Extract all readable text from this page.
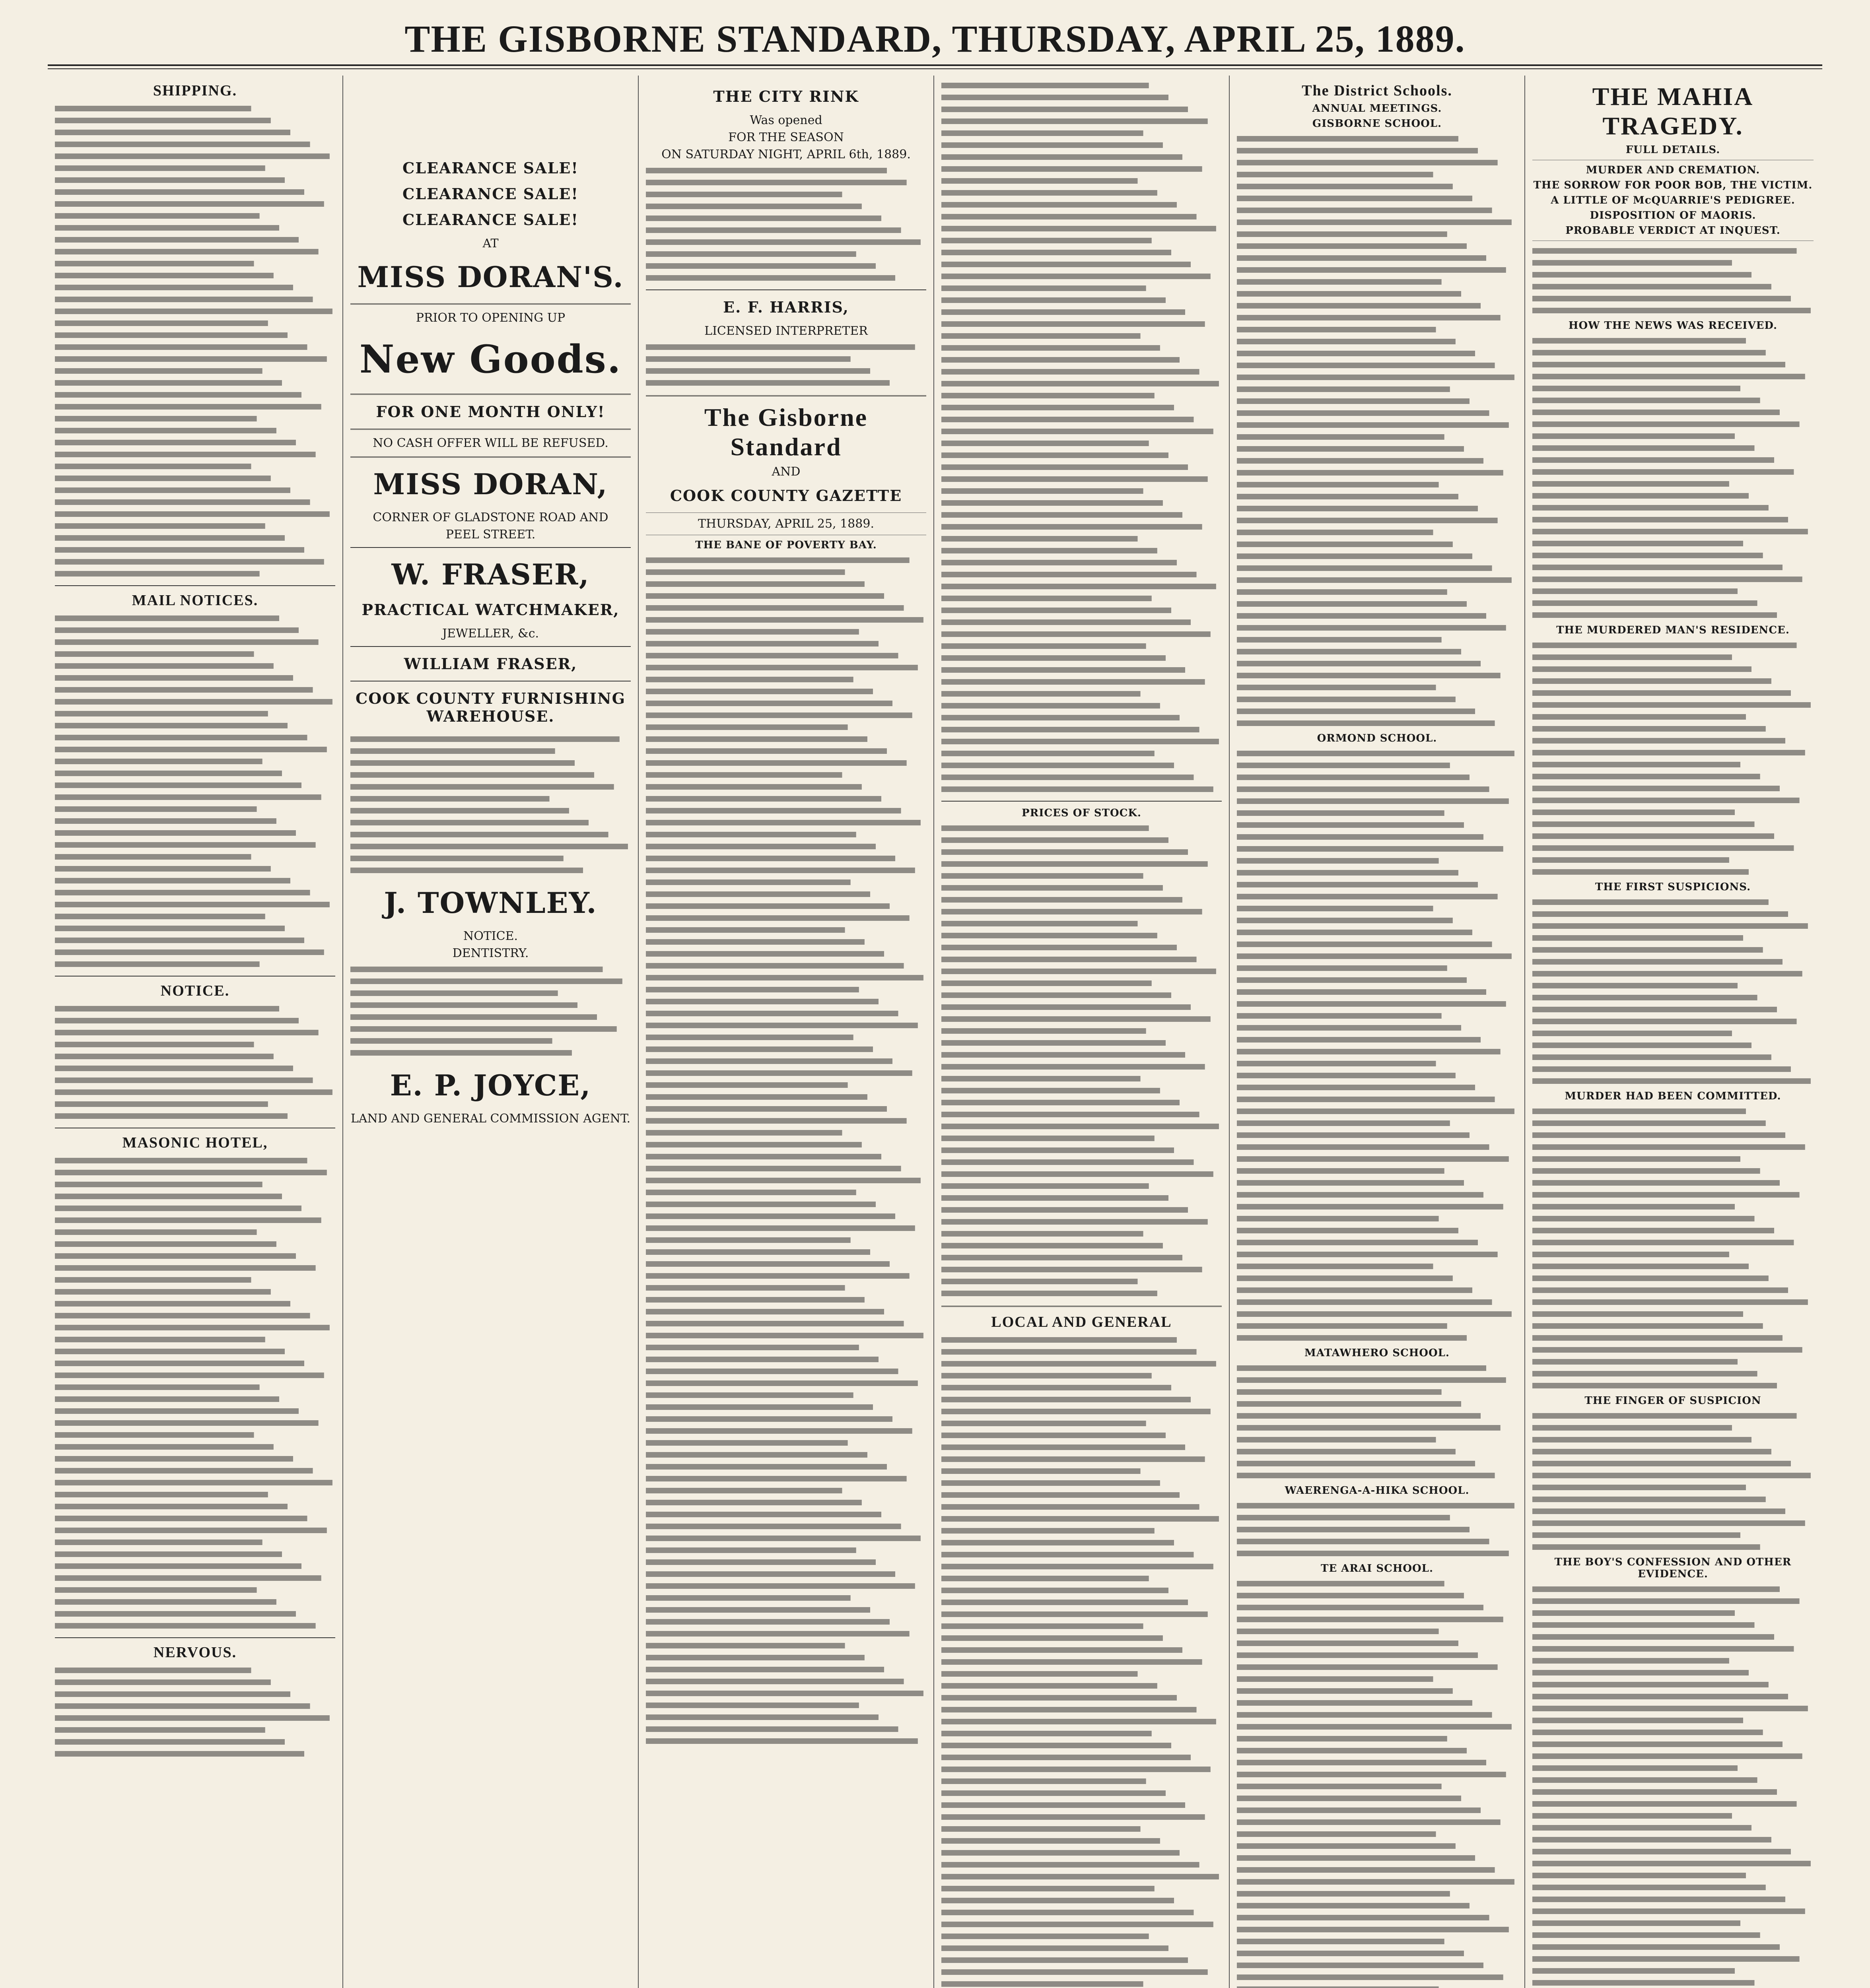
THE GISBORNE STANDARD, THURSDAY, APRIL 25, 1889.
SHIPPING.
MAIL NOTICES.
NOTICE.
MASONIC HOTEL,
NERVOUS.
CLEARANCE SALE!
CLEARANCE SALE!
CLEARANCE SALE!
AT
MISS DORAN'S.
PRIOR TO OPENING UP
New Goods.
FOR ONE MONTH ONLY!
NO CASH OFFER WILL BE REFUSED.
MISS DORAN,
CORNER OF GLADSTONE ROAD AND
PEEL STREET.
W. FRASER,
PRACTICAL WATCHMAKER,
JEWELLER, &c.
WILLIAM FRASER,
COOK COUNTY FURNISHING WAREHOUSE.
J. TOWNLEY.
NOTICE.
DENTISTRY.
E. P. JOYCE,
LAND AND GENERAL COMMISSION AGENT.
THE CITY RINK
Was opened
FOR THE SEASON
ON SATURDAY NIGHT, APRIL 6th, 1889.
E. F. HARRIS,
LICENSED INTERPRETER
The Gisborne Standard
AND
COOK COUNTY GAZETTE
THURSDAY, APRIL 25, 1889.
THE BANE OF POVERTY BAY.
PRICES OF STOCK.
LOCAL AND GENERAL
The District Schools.
ANNUAL MEETINGS.
GISBORNE SCHOOL.
ORMOND SCHOOL.
MATAWHERO SCHOOL.
WAERENGA-A-HIKA SCHOOL.
TE ARAI SCHOOL.
THE MAHIA TRAGEDY.
FULL DETAILS.
MURDER AND CREMATION.
THE SORROW FOR POOR BOB, THE VICTIM.
A LITTLE OF McQUARRIE'S PEDIGREE.
DISPOSITION OF MAORIS.
PROBABLE VERDICT AT INQUEST.
HOW THE NEWS WAS RECEIVED.
THE MURDERED MAN'S RESIDENCE.
THE FIRST SUSPICIONS.
MURDER HAD BEEN COMMITTED.
THE FINGER OF SUSPICION
THE BOY'S CONFESSION AND OTHER EVIDENCE.
